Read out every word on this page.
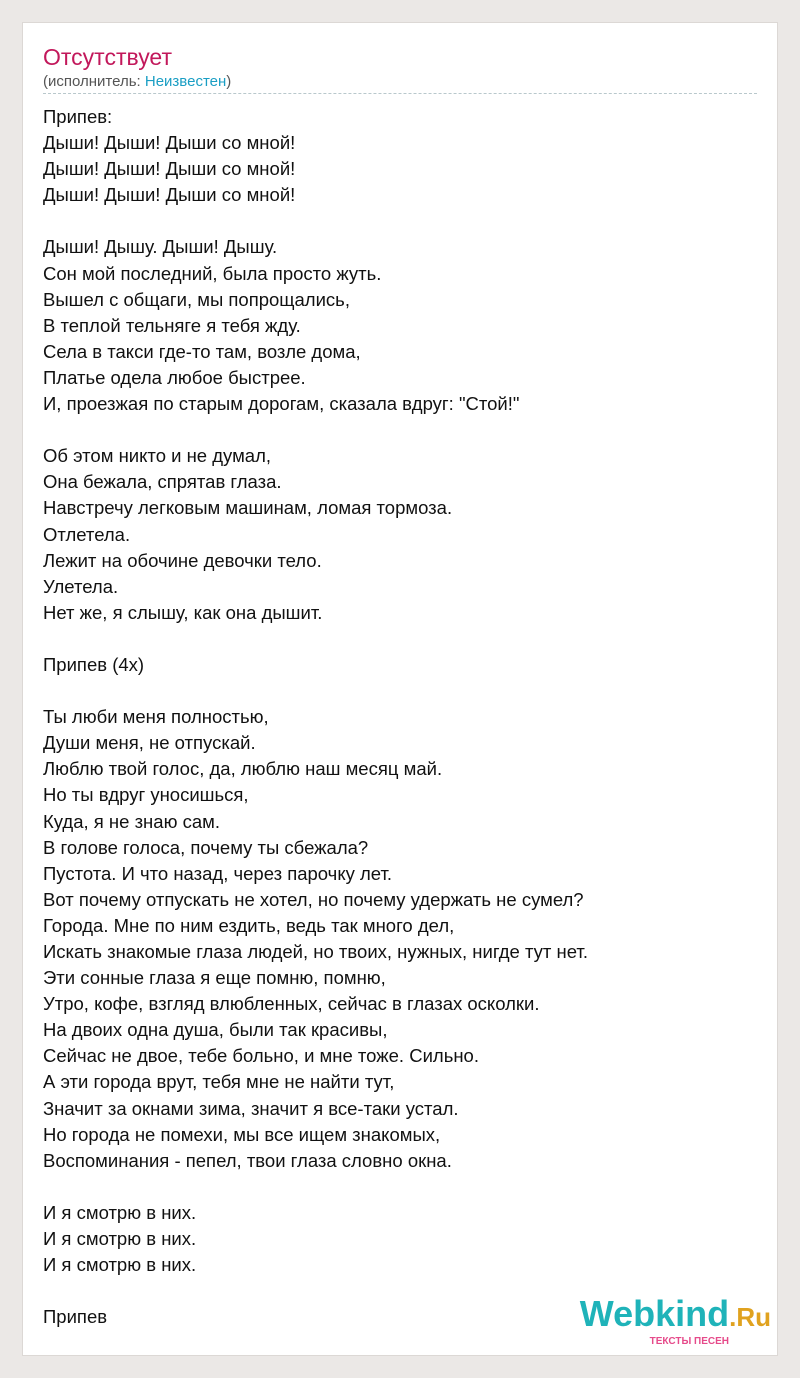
Отсутствует
(исполнитель: Неизвестен)
Припев:
Дыши! Дыши! Дыши со мной!
Дыши! Дыши! Дыши со мной!
Дыши! Дыши! Дыши со мной!
Дыши! Дышу. Дыши! Дышу.
Сон мой последний, была просто жуть.
Вышел с общаги, мы попрощались,
В теплой тельняге я тебя жду.
Села в такси где-то там, возле дома,
Платье одела любое быстрее.
И, проезжая по старым дорогам, сказала вдруг: "Стой!"
Об этом никто и не думал,
Она бежала, спрятав глаза.
Навстречу легковым машинам, ломая тормоза.
Отлетела.
Лежит на обочине девочки тело.
Улетела.
Нет же, я слышу, как она дышит.
Припев (4х)
Ты люби меня полностью,
Души меня, не отпускай.
Люблю твой голос, да, люблю наш месяц май.
Но ты вдруг уносишься,
Куда, я не знаю сам.
В голове голоса, почему ты сбежала?
Пустота. И что назад, через парочку лет.
Вот почему отпускать не хотел, но почему удержать не сумел?
Города. Мне по ним ездить, ведь так много дел,
Искать знакомые глаза людей, но твоих, нужных, нигде тут нет.
Эти сонные глаза я еще помню, помню,
Утро, кофе, взгляд влюбленных, сейчас в глазах осколки.
На двоих одна душа, были так красивы,
Сейчас не двое, тебе больно, и мне тоже. Сильно.
А эти города врут, тебя мне не найти тут,
Значит за окнами зима, значит я все-таки устал.
Но города не помехи, мы все ищем знакомых,
Воспоминания - пепел, твои глаза словно окна.
И я смотрю в них.
И я смотрю в них.
И я смотрю в них.
Припев	Webkind.Ru
ТЕКСТЫ ПЕСЕН
